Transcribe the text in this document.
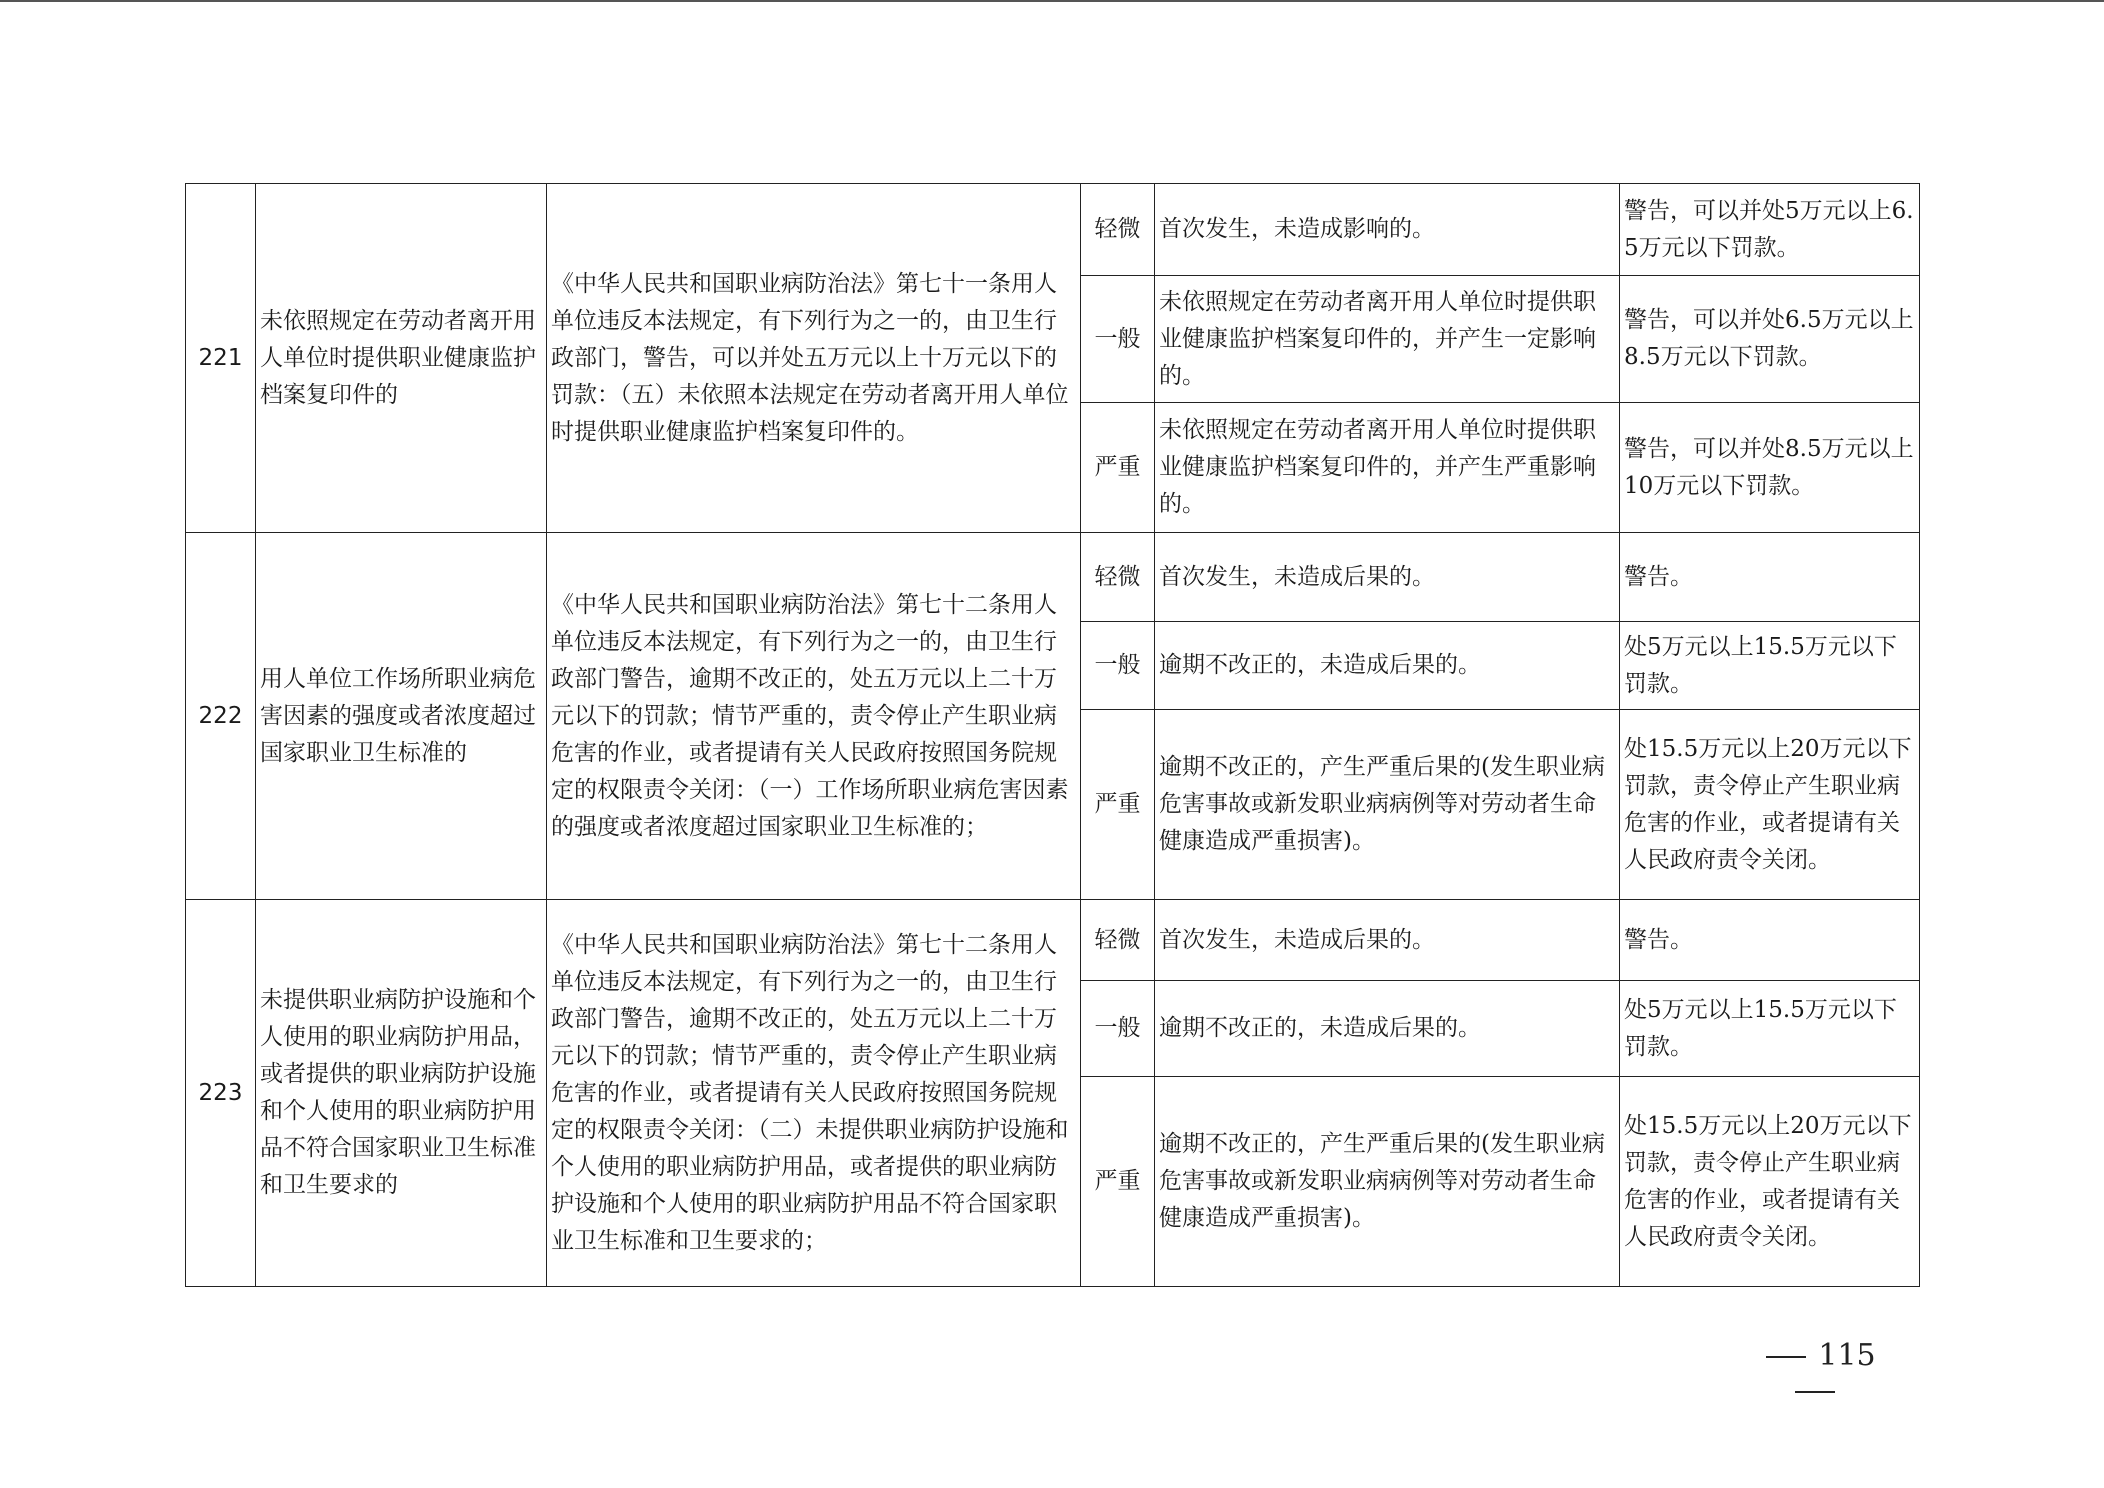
221	未依照规定在劳动者离开用人单位时提供职业健康监护档案复印件的	《中华人民共和国职业病防治法》第七十一条用人单位违反本法规定，有下列行为之一的，由卫生行政部门，警告，可以并处五万元以上十万元以下的罚款：（五）未依照本法规定在劳动者离开用人单位时提供职业健康监护档案复印件的。	轻微	首次发生，未造成影响的。	警告，可以并处5万元以上6.5万元以下罚款。
			一般	未依照规定在劳动者离开用人单位时提供职业健康监护档案复印件的，并产生一定影响的。	警告，可以并处6.5万元以上8.5万元以下罚款。
			严重	未依照规定在劳动者离开用人单位时提供职业健康监护档案复印件的，并产生严重影响的。	警告，可以并处8.5万元以上10万元以下罚款。
222	用人单位工作场所职业病危害因素的强度或者浓度超过国家职业卫生标准的	《中华人民共和国职业病防治法》第七十二条用人单位违反本法规定，有下列行为之一的，由卫生行政部门警告，逾期不改正的，处五万元以上二十万元以下的罚款；情节严重的，责令停止产生职业病危害的作业，或者提请有关人民政府按照国务院规定的权限责令关闭：（一）工作场所职业病危害因素的强度或者浓度超过国家职业卫生标准的；	轻微	首次发生，未造成后果的。	警告。
			一般	逾期不改正的，未造成后果的。	处5万元以上15.5万元以下罚款。
			严重	逾期不改正的，产生严重后果的(发生职业病危害事故或新发职业病病例等对劳动者生命健康造成严重损害)。	处15.5万元以上20万元以下罚款，责令停止产生职业病危害的作业，或者提请有关人民政府责令关闭。
223	未提供职业病防护设施和个人使用的职业病防护用品，或者提供的职业病防护设施和个人使用的职业病防护用品不符合国家职业卫生标准和卫生要求的	《中华人民共和国职业病防治法》第七十二条用人单位违反本法规定，有下列行为之一的，由卫生行政部门警告，逾期不改正的，处五万元以上二十万元以下的罚款；情节严重的，责令停止产生职业病危害的作业，或者提请有关人民政府按照国务院规定的权限责令关闭：（二）未提供职业病防护设施和个人使用的职业病防护用品，或者提供的职业病防护设施和个人使用的职业病防护用品不符合国家职业卫生标准和卫生要求的；	轻微	首次发生，未造成后果的。	警告。
			一般	逾期不改正的，未造成后果的。	处5万元以上15.5万元以下罚款。
			严重	逾期不改正的，产生严重后果的(发生职业病危害事故或新发职业病病例等对劳动者生命健康造成严重损害)。	处15.5万元以上20万元以下罚款，责令停止产生职业病危害的作业，或者提请有关人民政府责令关闭。
115
